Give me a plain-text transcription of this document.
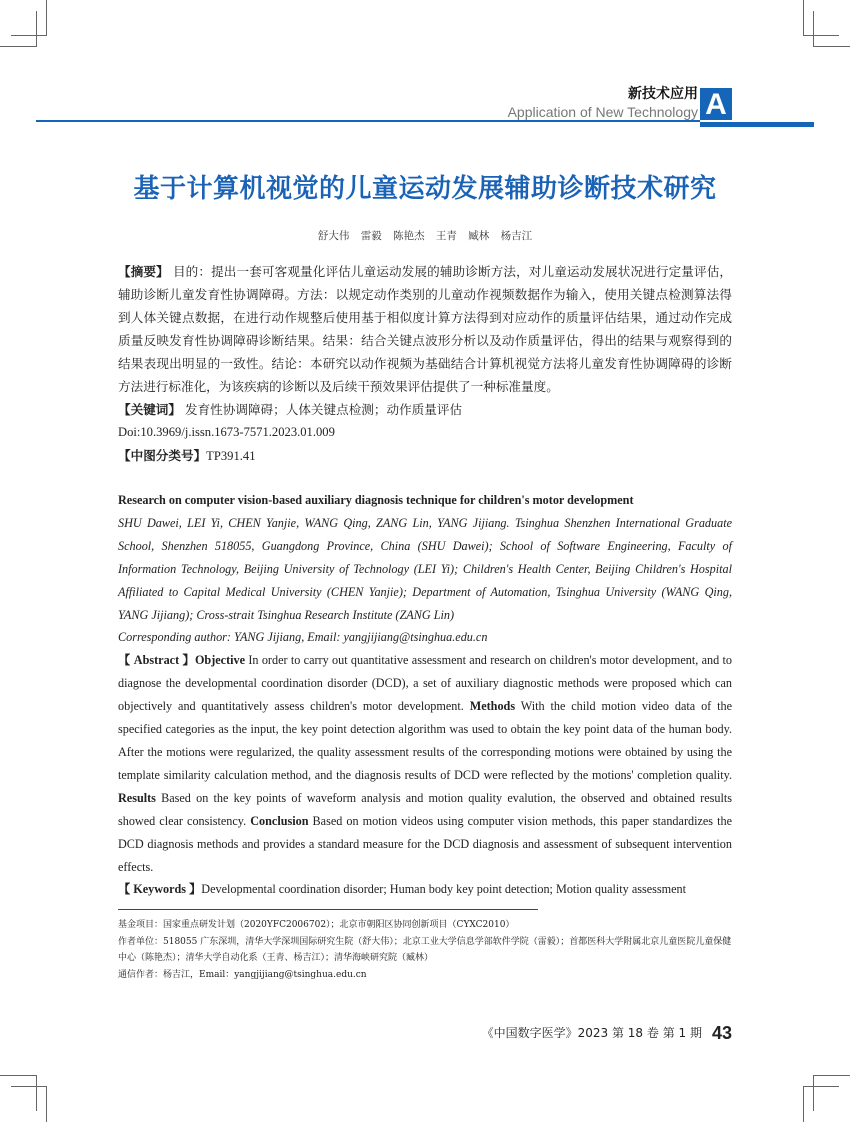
新技术应用
Application of New Technology A
基于计算机视觉的儿童运动发展辅助诊断技术研究
舒大伟 雷毅 陈艳杰 王青 臧林 杨吉江

【摘要】 目的：提出一套可客观量化评估儿童运动发展的辅助诊断方法，对儿童运动发展状况进行定量评估，辅助诊断儿童发育性协调障碍。方法：以规定动作类别的儿童动作视频数据作为输入，使用关键点检测算法得到人体关键点数据，在进行动作规整后使用基于相似度计算方法得到对应动作的质量评估结果，通过动作完成质量反映发育性协调障碍诊断结果。结果：结合关键点波形分析以及动作质量评估，得出的结果与观察得到的结果表现出明显的一致性。结论：本研究以动作视频为基础结合计算机视觉方法将儿童发育性协调障碍的诊断方法进行标准化，为该疾病的诊断以及后续干预效果评估提供了一种标准量度。

【关键词】 发育性协调障碍；人体关键点检测；动作质量评估

Doi:10.3969/j.issn.1673-7571.2023.01.009

【中图分类号】TP391.41

Research on computer vision-based auxiliary diagnosis technique for children's motor development

SHU Dawei, LEI Yi, CHEN Yanjie, WANG Qing, ZANG Lin, YANG Jijiang. Tsinghua Shenzhen International Graduate School, Shenzhen 518055, Guangdong Province, China (SHU Dawei); School of Software Engineering, Faculty of Information Technology, Beijing University of Technology (LEI Yi); Children's Health Center, Beijing Children's Hospital Affiliated to Capital Medical University (CHEN Yanjie); Department of Automation, Tsinghua University (WANG Qing, YANG Jijiang); Cross-strait Tsinghua Research Institute (ZANG Lin)

Corresponding author: YANG Jijiang, Email: yangjijiang@tsinghua.edu.cn

【 Abstract 】Objective In order to carry out quantitative assessment and research on children's motor development, and to diagnose the developmental coordination disorder (DCD), a set of auxiliary diagnostic methods were proposed which can objectively and quantitatively assess children's motor development. Methods With the child motion video data of the specified categories as the input, the key point detection algorithm was used to obtain the key point data of the human body. After the motions were regularized, the quality assessment results of the corresponding motions were obtained by using the template similarity calculation method, and the diagnosis results of DCD were reflected by the motions' completion quality. Results Based on the key points of waveform analysis and motion quality evalution, the observed and obtained results showed clear consistency. Conclusion Based on motion videos using computer vision methods, this paper standardizes the DCD diagnosis methods and provides a standard measure for the DCD diagnosis and assessment of subsequent intervention effects.

【 Keywords 】Developmental coordination disorder; Human body key point detection; Motion quality assessment

基金项目：国家重点研发计划（2020YFC2006702）；北京市朝阳区协同创新项目（CYXC2010）

作者单位：518055 广东深圳，清华大学深圳国际研究生院（舒大伟）；北京工业大学信息学部软件学院（雷毅）；首都医科大学附属北京儿童医院儿童保健中心（陈艳杰）；清华大学自动化系（王青、杨吉江）；清华海峡研究院（臧林）

通信作者：杨吉江，Email：yangjijiang@tsinghua.edu.cn

《中国数字医学》2023 第 18 卷 第 1 期 43
